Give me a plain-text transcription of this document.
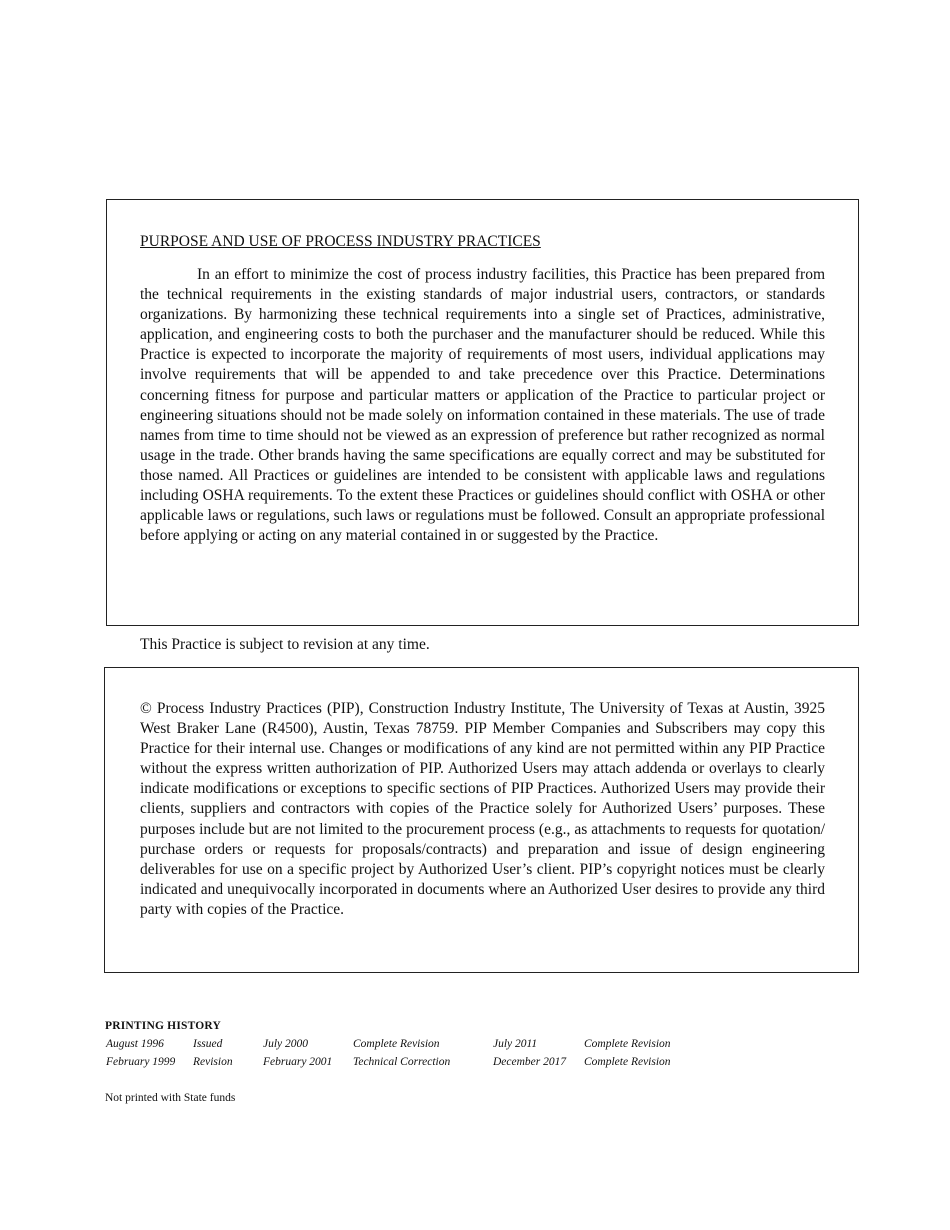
PURPOSE AND USE OF PROCESS INDUSTRY PRACTICES

In an effort to minimize the cost of process industry facilities, this Practice has been prepared from the technical requirements in the existing standards of major industrial users, contractors, or standards organizations. By harmonizing these technical requirements into a single set of Practices, administrative, application, and engineering costs to both the purchaser and the manufacturer should be reduced. While this Practice is expected to incorporate the majority of requirements of most users, individual applications may involve requirements that will be appended to and take precedence over this Practice. Determinations concerning fitness for purpose and particular matters or application of the Practice to particular project or engineering situations should not be made solely on information contained in these materials. The use of trade names from time to time should not be viewed as an expression of preference but rather recognized as normal usage in the trade. Other brands having the same specifications are equally correct and may be substituted for those named. All Practices or guidelines are intended to be consistent with applicable laws and regulations including OSHA requirements. To the extent these Practices or guidelines should conflict with OSHA or other applicable laws or regulations, such laws or regulations must be followed. Consult an appropriate professional before applying or acting on any material contained in or suggested by the Practice.

This Practice is subject to revision at any time.

© Process Industry Practices (PIP), Construction Industry Institute, The University of Texas at Austin, 3925 West Braker Lane (R4500), Austin, Texas 78759. PIP Member Companies and Subscribers may copy this Practice for their internal use. Changes or modifications of any kind are not permitted within any PIP Practice without the express written authorization of PIP. Authorized Users may attach addenda or overlays to clearly indicate modifications or exceptions to specific sections of PIP Practices. Authorized Users may provide their clients, suppliers and contractors with copies of the Practice solely for Authorized Users’ purposes. These purposes include but are not limited to the procurement process (e.g., as attachments to requests for quotation/ purchase orders or requests for proposals/contracts) and preparation and issue of design engineering deliverables for use on a specific project by Authorized User’s client. PIP’s copyright notices must be clearly indicated and unequivocally incorporated in documents where an Authorized User desires to provide any third party with copies of the Practice.

PRINTING HISTORY

August 1996	Issued	July 2000	Complete Revision	July 2011	Complete Revision
February 1999	Revision	February 2001	Technical Correction	December 2017	Complete Revision

Not printed with State funds
